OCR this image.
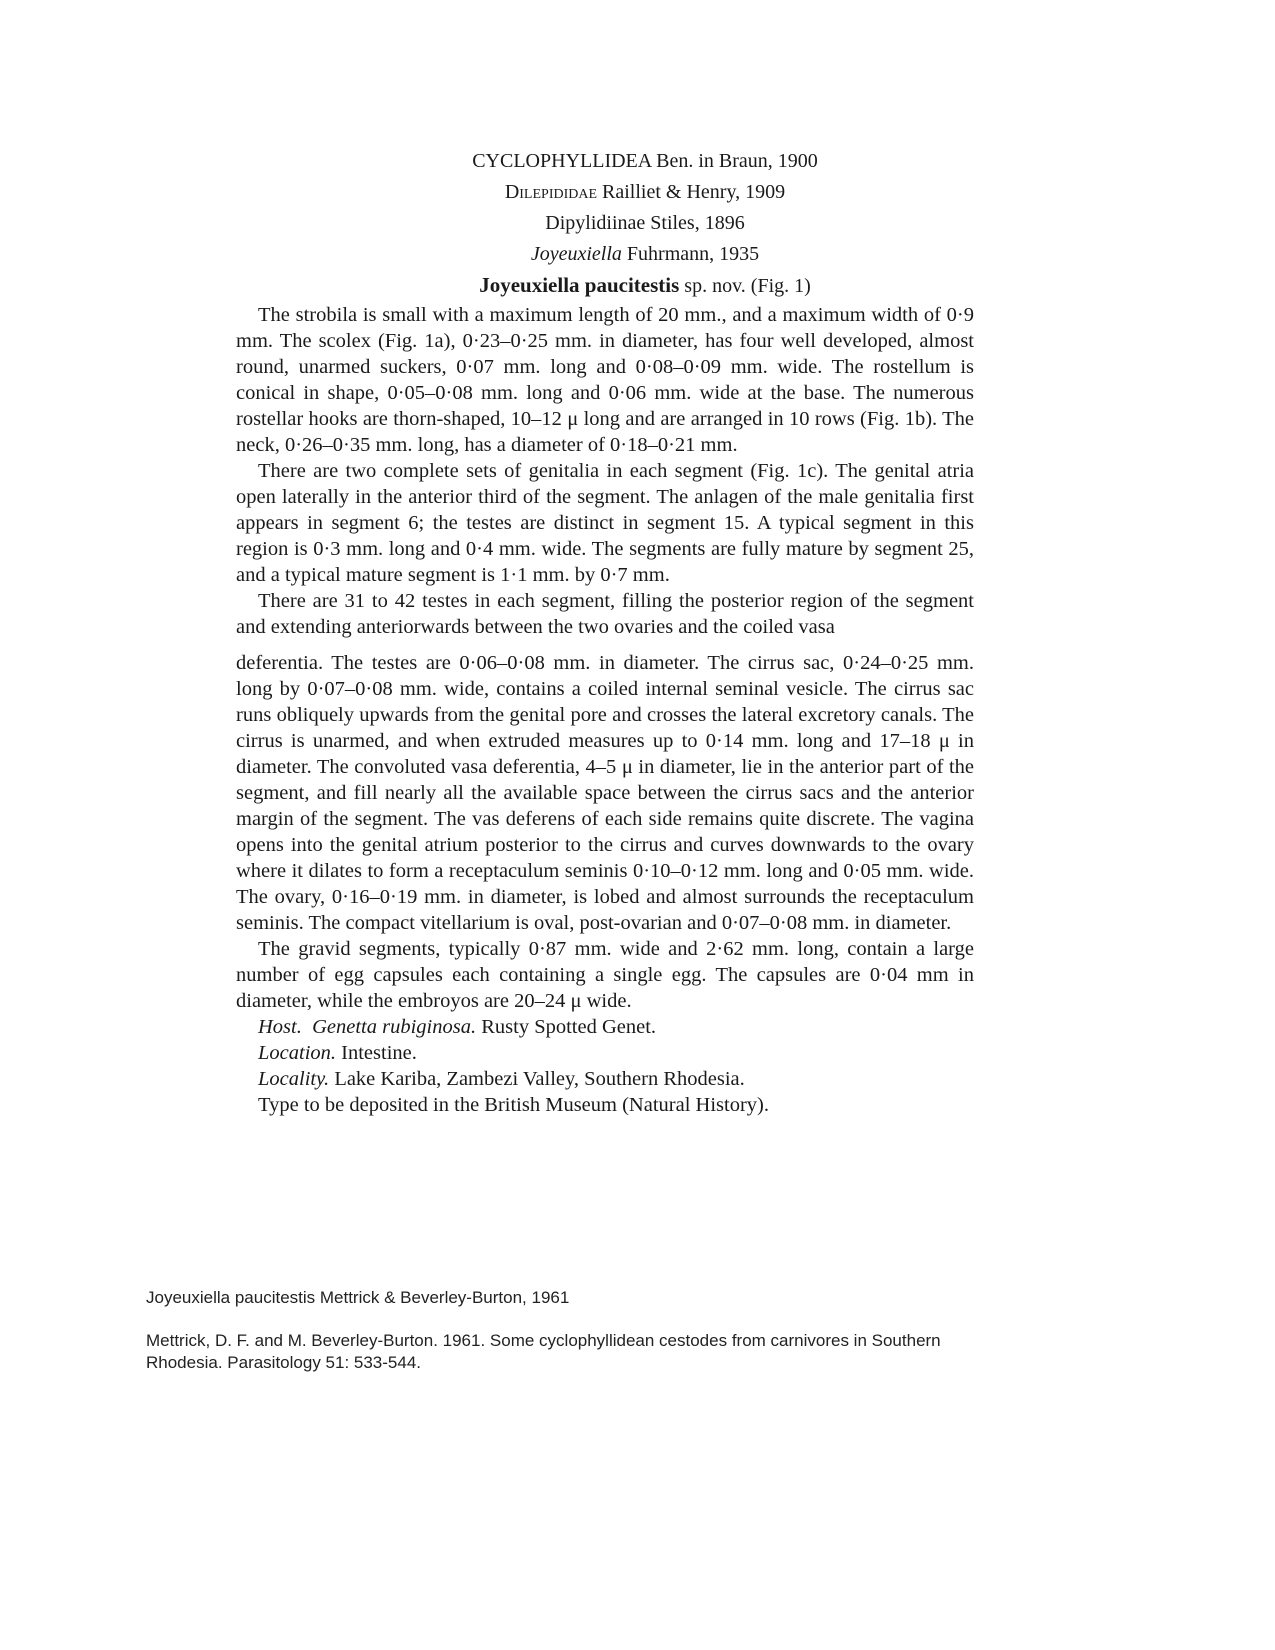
CYCLOPHYLLIDEA Ben. in Braun, 1900
Dilepididae Railliet & Henry, 1909
Dipylidiinae Stiles, 1896
Joyeuxiella Fuhrmann, 1935
Joyeuxiella paucitestis sp. nov. (Fig. 1)

The strobila is small with a maximum length of 20 mm., and a maximum width of 0·9 mm. The scolex (Fig. 1a), 0·23–0·25 mm. in diameter, has four well developed, almost round, unarmed suckers, 0·07 mm. long and 0·08–0·09 mm. wide. The rostellum is conical in shape, 0·05–0·08 mm. long and 0·06 mm. wide at the base. The numerous rostellar hooks are thorn-shaped, 10–12 μ long and are arranged in 10 rows (Fig. 1b). The neck, 0·26–0·35 mm. long, has a diameter of 0·18–0·21 mm.

There are two complete sets of genitalia in each segment (Fig. 1c). The genital atria open laterally in the anterior third of the segment. The anlagen of the male genitalia first appears in segment 6; the testes are distinct in segment 15. A typical segment in this region is 0·3 mm. long and 0·4 mm. wide. The segments are fully mature by segment 25, and a typical mature segment is 1·1 mm. by 0·7 mm.

There are 31 to 42 testes in each segment, filling the posterior region of the segment and extending anteriorwards between the two ovaries and the coiled vasa

deferentia. The testes are 0·06–0·08 mm. in diameter. The cirrus sac, 0·24–0·25 mm. long by 0·07–0·08 mm. wide, contains a coiled internal seminal vesicle. The cirrus sac runs obliquely upwards from the genital pore and crosses the lateral excretory canals. The cirrus is unarmed, and when extruded measures up to 0·14 mm. long and 17–18 μ in diameter. The convoluted vasa deferentia, 4–5 μ in diameter, lie in the anterior part of the segment, and fill nearly all the available space between the cirrus sacs and the anterior margin of the segment. The vas deferens of each side remains quite discrete. The vagina opens into the genital atrium posterior to the cirrus and curves downwards to the ovary where it dilates to form a receptaculum seminis 0·10–0·12 mm. long and 0·05 mm. wide. The ovary, 0·16–0·19 mm. in diameter, is lobed and almost surrounds the receptaculum seminis. The compact vitellarium is oval, post-ovarian and 0·07–0·08 mm. in diameter.

The gravid segments, typically 0·87 mm. wide and 2·62 mm. long, contain a large number of egg capsules each containing a single egg. The capsules are 0·04 mm in diameter, while the embroyos are 20–24 μ wide.

Host. Genetta rubiginosa. Rusty Spotted Genet.

Location. Intestine.

Locality. Lake Kariba, Zambezi Valley, Southern Rhodesia.

Type to be deposited in the British Museum (Natural History).

Joyeuxiella paucitestis Mettrick & Beverley-Burton, 1961
Mettrick, D. F. and M. Beverley-Burton. 1961. Some cyclophyllidean cestodes from carnivores in Southern Rhodesia. Parasitology 51: 533-544.
